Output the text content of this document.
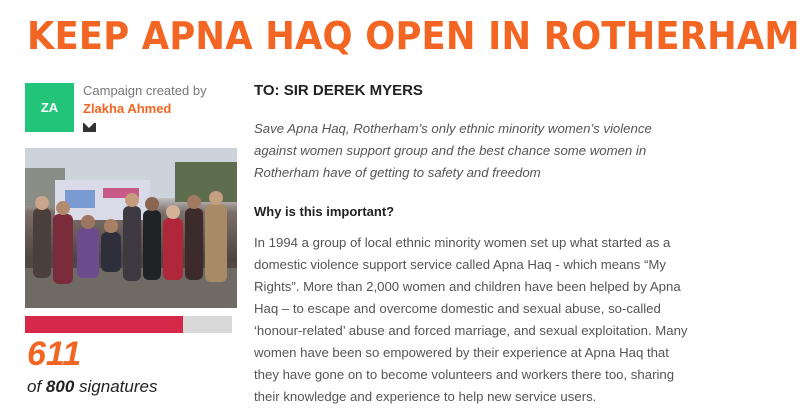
KEEP APNA HAQ OPEN IN ROTHERHAM
ZA
Campaign created by
Zlakha Ahmed
611
of 800 signatures
TO: SIR DEREK MYERS

Save Apna Haq, Rotherham’s only ethnic minority women’s violence against women support group and the best chance some women in Rotherham have of getting to safety and freedom

Why is this important?

In 1994 a group of local ethnic minority women set up what started as a domestic violence support service called Apna Haq - which means “My Rights”. More than 2,000 women and children have been helped by Apna Haq – to escape and overcome domestic and sexual abuse, so-called ‘honour-related’ abuse and forced marriage, and sexual exploitation. Many women have been so empowered by their experience at Apna Haq that they have gone on to become volunteers and workers there too, sharing their knowledge and experience to help new service users.
